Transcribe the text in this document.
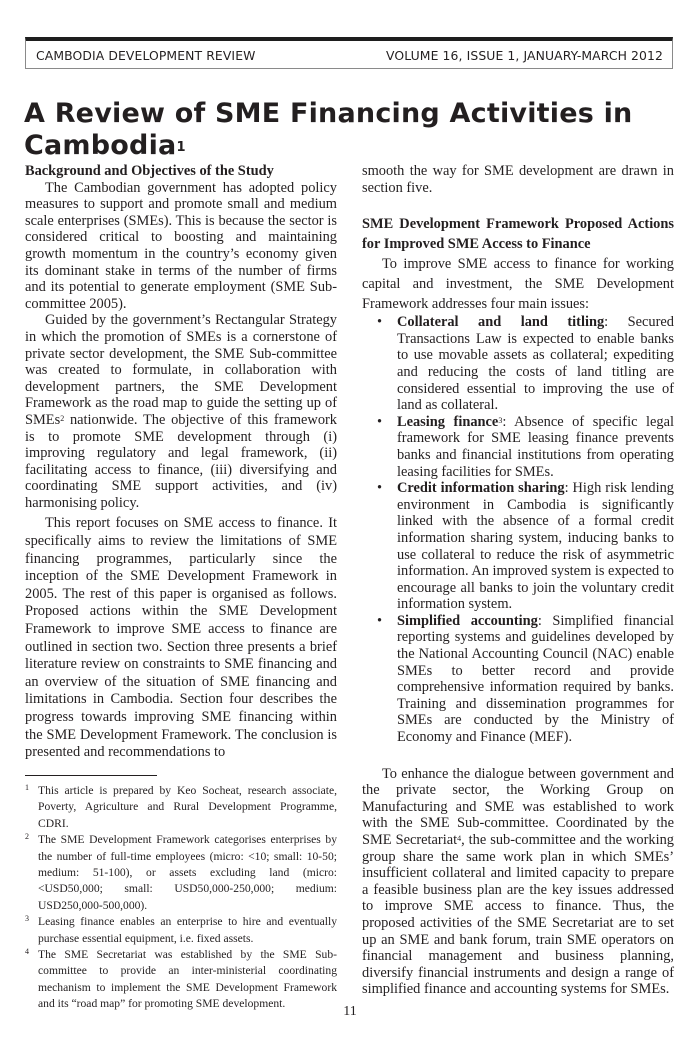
CAMBODIA DEVELOPMENT REVIEW	VOLUME 16, ISSUE 1, JANUARY-MARCH 2012
A Review of SME Financing Activities in Cambodia$^1$

Background and Objectives of the Study

The Cambodian government has adopted policy measures to support and promote small and medium scale enterprises (SMEs). This is because the sector is considered critical to boosting and maintaining growth momentum in the country’s economy given its dominant stake in terms of the number of firms and its potential to generate employment (SME Sub-committee 2005).

Guided by the government’s Rectangular Strategy in which the promotion of SMEs is a cornerstone of private sector development, the SME Sub-committee was created to formulate, in collaboration with development partners, the SME Development Framework as the road map to guide the setting up of SMEs$^2$ nationwide. The objective of this framework is to promote SME development through (i) improving regulatory and legal framework, (ii) facilitating access to finance, (iii) diversifying and coordinating SME support activities, and (iv) harmonising policy.

This report focuses on SME access to finance. It specifically aims to review the limitations of SME financing programmes, particularly since the inception of the SME Development Framework in 2005. The rest of this paper is organised as follows. Proposed actions within the SME Development Framework to improve SME access to finance are outlined in section two. Section three presents a brief literature review on constraints to SME financing and an overview of the situation of SME financing and limitations in Cambodia. Section four describes the progress towards improving SME financing within the SME Development Framework. The conclusion is presented and recommendations to

smooth the way for SME development are drawn in section five.

SME Development Framework Proposed Actions for Improved SME Access to Finance

To improve SME access to finance for working capital and investment, the SME Development Framework addresses four main issues:

• Collateral and land titling: Secured Transactions Law is expected to enable banks to use movable assets as collateral; expediting and reducing the costs of land titling are considered essential to improving the use of land as collateral.
• Leasing finance$^3$: Absence of specific legal framework for SME leasing finance prevents banks and financial institutions from operating leasing facilities for SMEs.
• Credit information sharing: High risk lending environment in Cambodia is significantly linked with the absence of a formal credit information sharing system, inducing banks to use collateral to reduce the risk of asymmetric information. An improved system is expected to encourage all banks to join the voluntary credit information system.
• Simplified accounting: Simplified financial reporting systems and guidelines developed by the National Accounting Council (NAC) enable SMEs to better record and provide comprehensive information required by banks. Training and dissemination programmes for SMEs are conducted by the Ministry of Economy and Finance (MEF).

To enhance the dialogue between government and the private sector, the Working Group on Manufacturing and SME was established to work with the SME Sub-committee. Coordinated by the SME Secretariat$^4$, the sub-committee and the working group share the same work plan in which SMEs’ insufficient collateral and limited capacity to prepare a feasible business plan are the key issues addressed to improve SME access to finance. Thus, the proposed activities of the SME Secretariat are to set up an SME and bank forum, train SME operators on financial management and business planning, diversify financial instruments and design a range of simplified finance and accounting systems for SMEs.

1 This article is prepared by Keo Socheat, research associate, Poverty, Agriculture and Rural Development Programme, CDRI.
2 The SME Development Framework categorises enterprises by the number of full-time employees (micro: <10; small: 10-50; medium: 51-100), or assets excluding land (micro: <USD50,000; small: USD50,000-250,000; medium: USD250,000-500,000).
3 Leasing finance enables an enterprise to hire and eventually purchase essential equipment, i.e. fixed assets.
4 The SME Secretariat was established by the SME Sub-committee to provide an inter-ministerial coordinating mechanism to implement the SME Development Framework and its “road map” for promoting SME development.
11
